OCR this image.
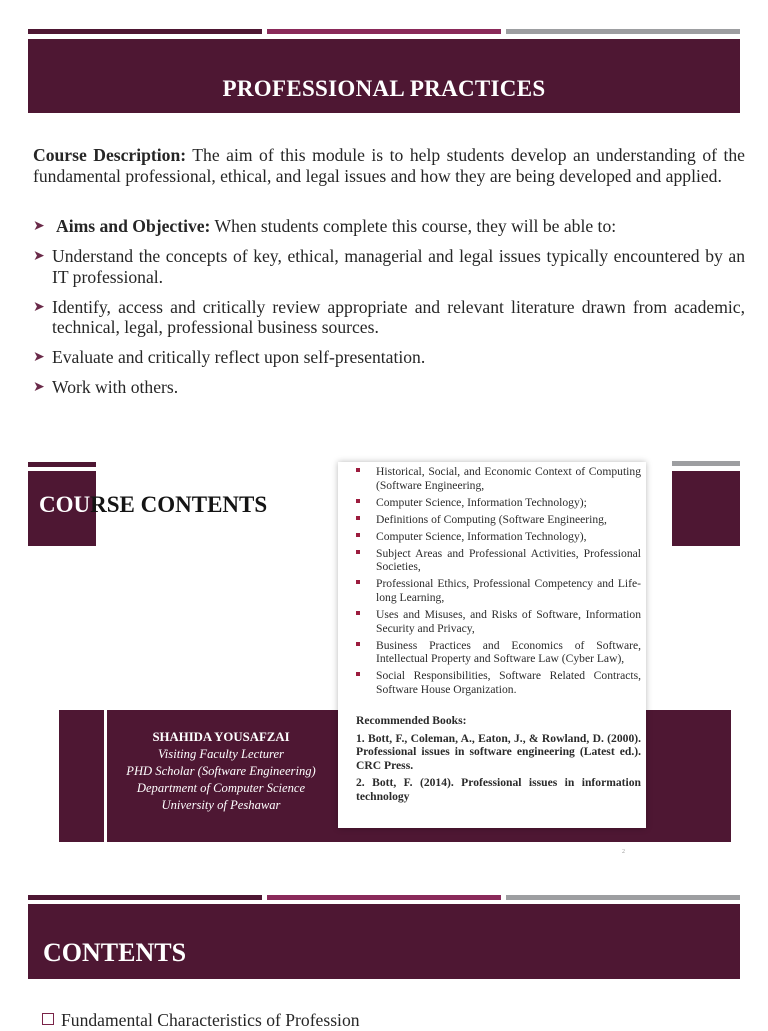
PROFESSIONAL PRACTICES
Course Description: The aim of this module is to help students develop an understanding of the fundamental professional, ethical, and legal issues and how they are being developed and applied.
➤ Aims and Objective: When students complete this course, they will be able to:
➤ Understand the concepts of key, ethical, managerial and legal issues typically encountered by an IT professional.
➤ Identify, access and critically review appropriate and relevant literature drawn from academic, technical, legal, professional business sources.
➤ Evaluate and critically reflect upon self-presentation.
➤ Work with others.
COURSE CONTENTS
SHAHIDA YOUSAFZAI
Visiting Faculty Lecturer
PHD Scholar (Software Engineering)
Department of Computer Science
University of Peshawar
Historical, Social, and Economic Context of Computing (Software Engineering,
Computer Science, Information Technology);
Definitions of Computing (Software Engineering,
Computer Science, Information Technology),
Subject Areas and Professional Activities, Professional Societies,
Professional Ethics, Professional Competency and Life-long Learning,
Uses and Misuses, and Risks of Software, Information Security and Privacy,
Business Practices and Economics of Software, Intellectual Property and Software Law (Cyber Law),
Social Responsibilities, Software Related Contracts, Software House Organization.
Recommended Books:
1. Bott, F., Coleman, A., Eaton, J., & Rowland, D. (2000). Professional issues in software engineering (Latest ed.). CRC Press.
2. Bott, F. (2014). Professional issues in information technology
2
CONTENTS
Fundamental Characteristics of Profession
